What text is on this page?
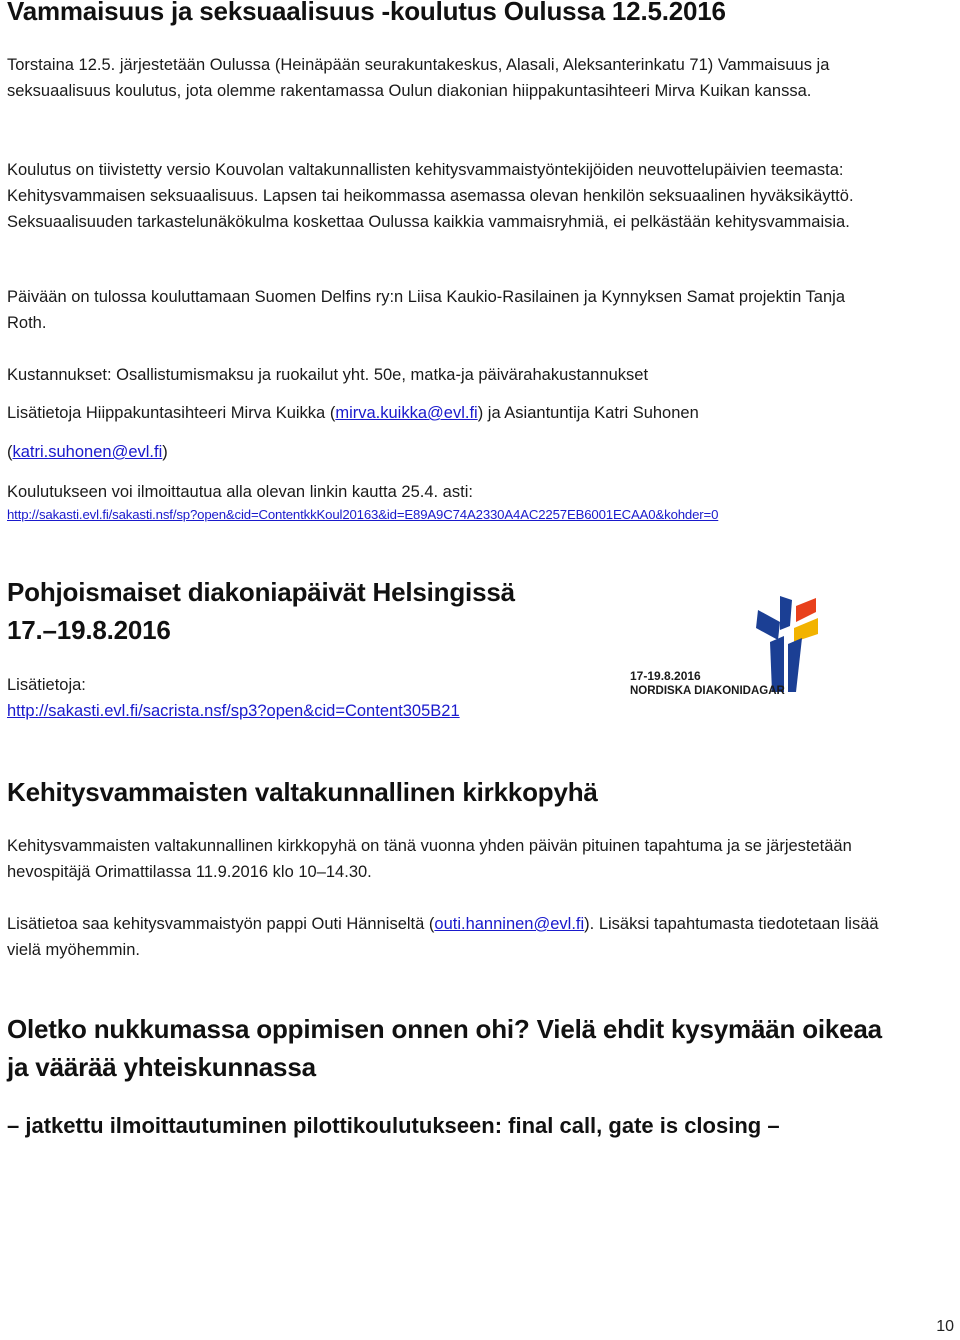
Vammaisuus ja seksuaalisuus -koulutus Oulussa 12.5.2016

Torstaina 12.5. järjestetään Oulussa (Heinäpään seurakuntakeskus, Alasali, Aleksanterinkatu 71) Vammaisuus ja seksuaalisuus koulutus, jota olemme rakentamassa Oulun diakonian hiippakuntasihteeri Mirva Kuikan kanssa.

Koulutus on tiivistetty versio Kouvolan valtakunnallisten kehitysvammaistyöntekijöiden neuvottelupäivien teemasta: Kehitysvammaisen seksuaalisuus. Lapsen tai heikommassa asemassa olevan henkilön seksuaalinen hyväksikäyttö. Seksuaalisuuden tarkastelunäkökulma koskettaa Oulussa kaikkia vammaisryhmiä, ei pelkästään kehitysvammaisia.

Päivään on tulossa kouluttamaan Suomen Delfins ry:n Liisa Kaukio-Rasilainen ja Kynnyksen Samat projektin Tanja Roth.

Kustannukset: Osallistumismaksu ja ruokailut yht. 50e, matka-ja päivärahakustannukset

Lisätietoja Hiippakuntasihteeri Mirva Kuikka (mirva.kuikka@evl.fi) ja Asiantuntija Katri Suhonen

(katri.suhonen@evl.fi)

Koulutukseen voi ilmoittautua alla olevan linkin kautta 25.4. asti:

http://sakasti.evl.fi/sakasti.nsf/sp?open&cid=ContentkkKoul20163&id=E89A9C74A2330A4AC2257EB6001ECAA0&kohder=0
Pohjoismaiset diakoniapäivät Helsingissä
17.–19.8.2016

Lisätietoja:

http://sakasti.evl.fi/sacrista.nsf/sp3?open&cid=Content305B21
Kehitysvammaisten valtakunnallinen kirkkopyhä

Kehitysvammaisten valtakunnallinen kirkkopyhä on tänä vuonna yhden päivän pituinen tapahtuma ja se järjestetään hevospitäjä Orimattilassa 11.9.2016 klo 10–14.30.

Lisätietoa saa kehitysvammaistyön pappi Outi Hänniseltä (outi.hanninen@evl.fi). Lisäksi tapahtumasta tiedotetaan lisää vielä myöhemmin.

Oletko nukkumassa oppimisen onnen ohi? Vielä ehdit kysymään oikeaa ja väärää yhteiskunnassa
– jatkettu ilmoittautuminen pilottikoulutukseen: final call, gate is closing –
17-19.8.2016
NORDISKA DIAKONIDAGAR
10
